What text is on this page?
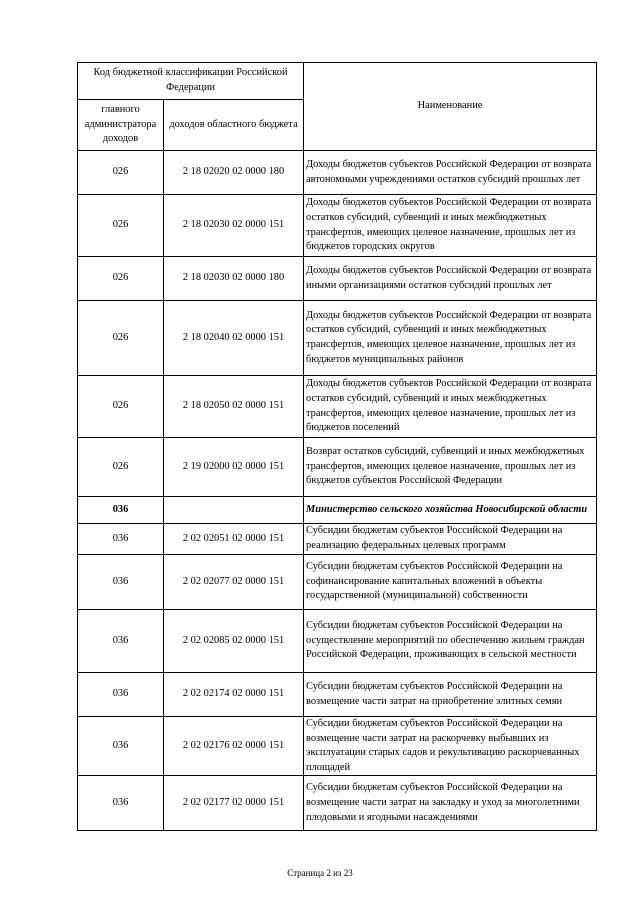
Код бюджетной классификации Российской Федерации		Наименование
главного администратора доходов	доходов областного бюджета	
026	2 18 02020 02 0000 180	Доходы бюджетов субъектов Российской Федерации от возврата автономными учреждениями остатков субсидий прошлых лет
026	2 18 02030 02 0000 151	Доходы бюджетов субъектов Российской Федерации от возврата остатков субсидий, субвенций и иных межбюджетных трансфертов, имеющих целевое назначение, прошлых лет из бюджетов городских округов
026	2 18 02030 02 0000 180	Доходы бюджетов субъектов Российской Федерации от возврата иными организациями остатков субсидий прошлых лет
026	2 18 02040 02 0000 151	Доходы бюджетов субъектов Российской Федерации от возврата остатков субсидий, субвенций и иных межбюджетных трансфертов, имеющих целевое назначение, прошлых лет из бюджетов муниципальных районов
026	2 18 02050 02 0000 151	Доходы бюджетов субъектов Российской Федерации от возврата остатков субсидий, субвенций и иных межбюджетных трансфертов, имеющих целевое назначение, прошлых лет из бюджетов поселений
026	2 19 02000 02 0000 151	Возврат остатков субсидий, субвенций и иных межбюджетных трансфертов, имеющих целевое назначение, прошлых лет из бюджетов субъектов Российской Федерации
036		Министерство сельского хозяйства Новосибирской области
036	2 02 02051 02 0000 151	Субсидии бюджетам субъектов Российской Федерации на реализацию федеральных целевых программ
036	2 02 02077 02 0000 151	Субсидии бюджетам субъектов Российской Федерации на софинансирование капитальных вложений в объекты государственной (муниципальной) собственности
036	2 02 02085 02 0000 151	Субсидии бюджетам субъектов Российской Федерации на осуществление мероприятий по обеспечению жильем граждан Российской Федерации, проживающих в сельской местности
036	2 02 02174 02 0000 151	Субсидии бюджетам субъектов Российской Федерации на возмещение части затрат на приобретение элитных семян
036	2 02 02176 02 0000 151	Субсидии бюджетам субъектов Российской Федерации на возмещение части затрат на раскорчевку выбывших из эксплуатации старых садов и рекультивацию раскорчеванных площадей
036	2 02 02177 02 0000 151	Субсидии бюджетам субъектов Российской Федерации на возмещение части затрат на закладку и уход за многолетними плодовыми и ягодными насаждениями
Страница 2 из 23
